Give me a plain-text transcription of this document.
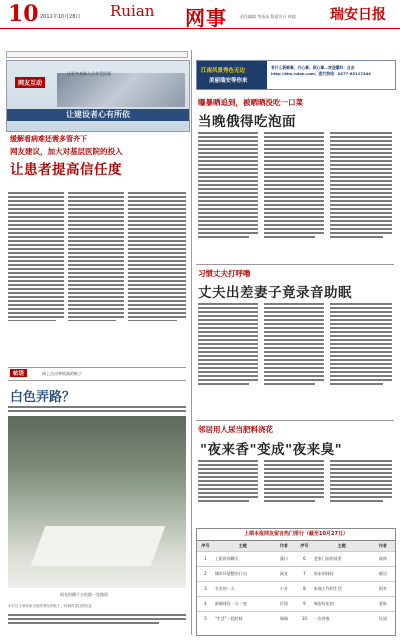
10 2011年10月28日 Ruian 网事	责任编辑 李苗苗 版面设计 林俊 瑞安日报
网友互动
让更多来瑞人员享受医保
让建设者心有所依
缓解看病难还需多管齐下
网友建议，加大对基层医院的投入
让患者提高信任度
帖语	网上点击率较高的帖子
白色弄路？
网友拍摄于万松路一处路面
本栏目文章均来自瑞安网友的帖子，转载时请注明出处
江南风景秀色无边
美丽瑞安等你来
有什么新鲜事，开心事，烦心事…欢迎爆料：点击 http://bbs.ruian.com；拨打热线：0577-65117444
曝暴晒追到，被晒晒没吃一口菜
当晚俄得吃泡面
习惯丈夫打呼噜
丈夫出差妻子竟录音助眠
邻居用人尿当肥料浇花
"夜来香"变成"夜来臭"
上期本报网友留言热门排行（截至10月27日）
序号	主题	作者	序号	主题	作者
1	上班时间聊天	溪口	6	老家门前的风景	瑞鸿
2	城市环境整治行动	网友	7	周末的体检	晓洁
3	辛苦的一天	小芳	8	来瑞工作和生活	阿杰
4	新城建设一天一变	民间	9	瑞安好吃的	老陈
5	"生活"一段时间	瑞瑞	10	一次讲座	民间
